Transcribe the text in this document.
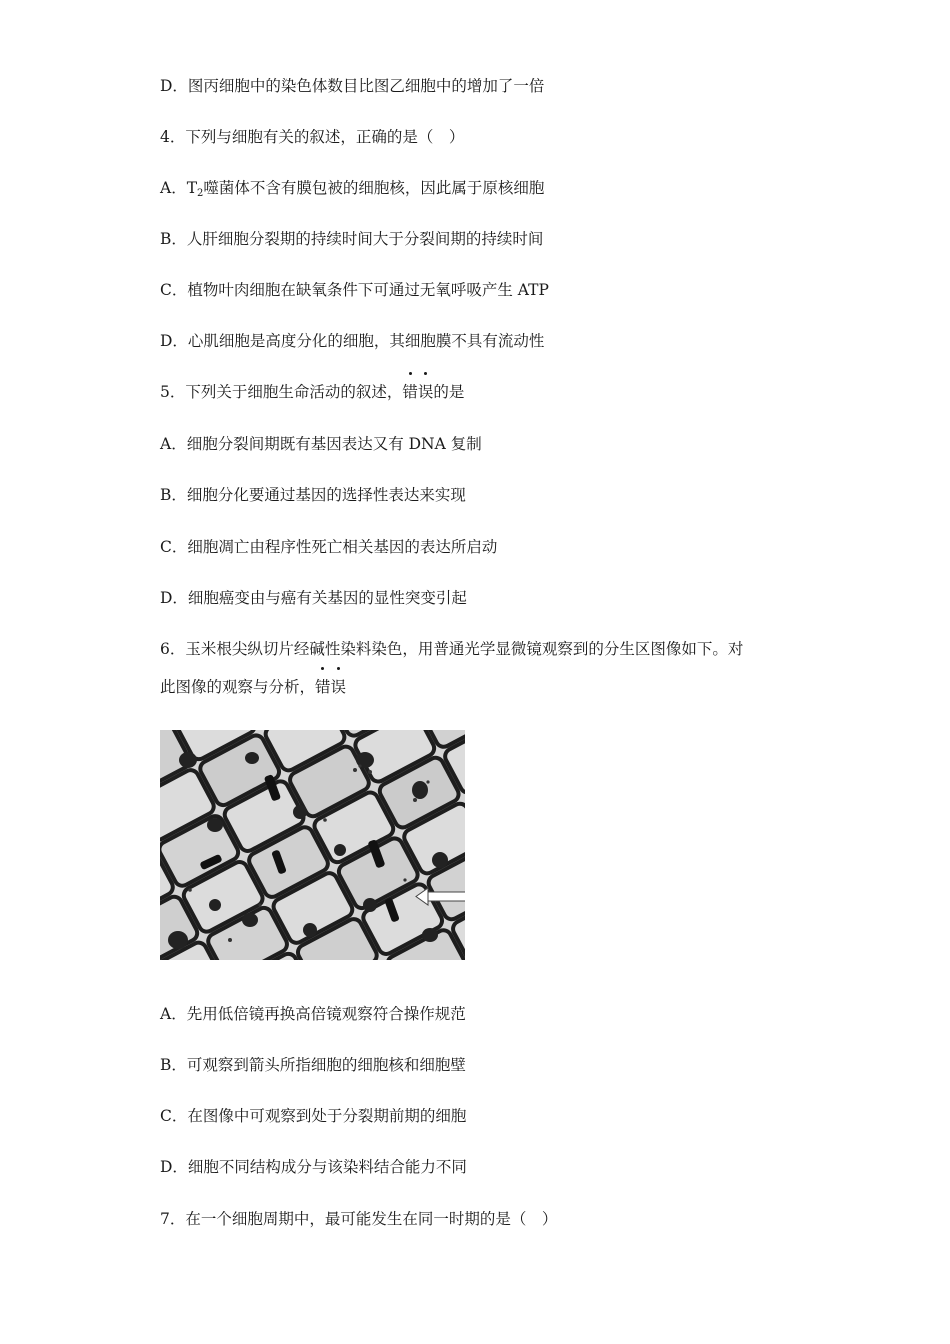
D．图丙细胞中的染色体数目比图乙细胞中的增加了一倍
4．下列与细胞有关的叙述，正确的是（　）
A．$T_2$噬菌体不含有膜包被的细胞核，因此属于原核细胞
B．人肝细胞分裂期的持续时间大于分裂间期的持续时间
C．植物叶肉细胞在缺氧条件下可通过无氧呼吸产生 ATP
D．心肌细胞是高度分化的细胞，其细胞膜不具有流动性
5．下列关于细胞生命活动的叙述，
错
误的是
A．细胞分裂间期既有基因表达又有 DNA 复制
B．细胞分化要通过基因的选择性表达来实现
C．细胞凋亡由程序性死亡相关基因的表达所启动
D．细胞癌变由与癌有关基因的显性突变引起
6．玉米根尖纵切片经碱性染料染色，用普通光学显微镜观察到的分生区图像如下。对
此图像的观察与分析，
错
误
A．先用低倍镜再换高倍镜观察符合操作规范
B．可观察到箭头所指细胞的细胞核和细胞壁
C．在图像中可观察到处于分裂期前期的细胞
D．细胞不同结构成分与该染料结合能力不同
7．在一个细胞周期中，最可能发生在同一时期的是（　）
